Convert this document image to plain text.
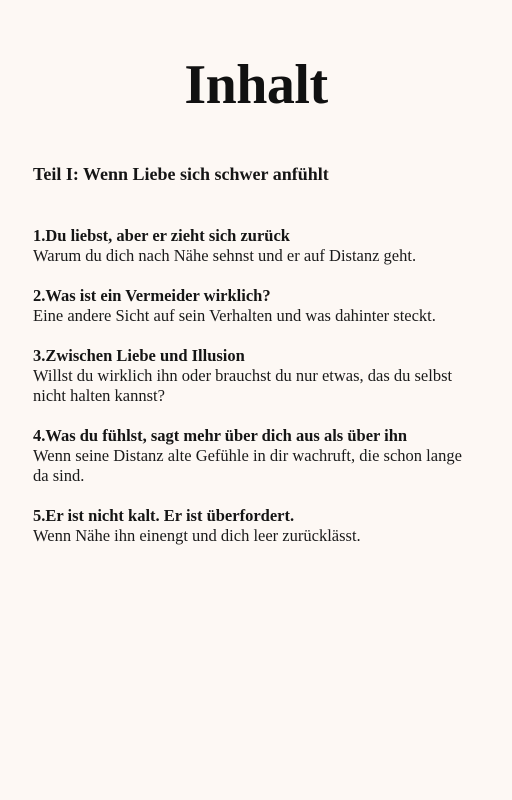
Inhalt
Teil I: Wenn Liebe sich schwer anfühlt
1.Du liebst, aber er zieht sich zurück
Warum du dich nach Nähe sehnst und er auf Distanz geht.
2.Was ist ein Vermeider wirklich?
Eine andere Sicht auf sein Verhalten und was dahinter steckt.
3.Zwischen Liebe und Illusion
Willst du wirklich ihn oder brauchst du nur etwas, das du selbst nicht halten kannst?
4.Was du fühlst, sagt mehr über dich aus als über ihn
Wenn seine Distanz alte Gefühle in dir wachruft, die schon lange da sind.
5.Er ist nicht kalt. Er ist überfordert.
Wenn Nähe ihn einengt und dich leer zurücklässt.
